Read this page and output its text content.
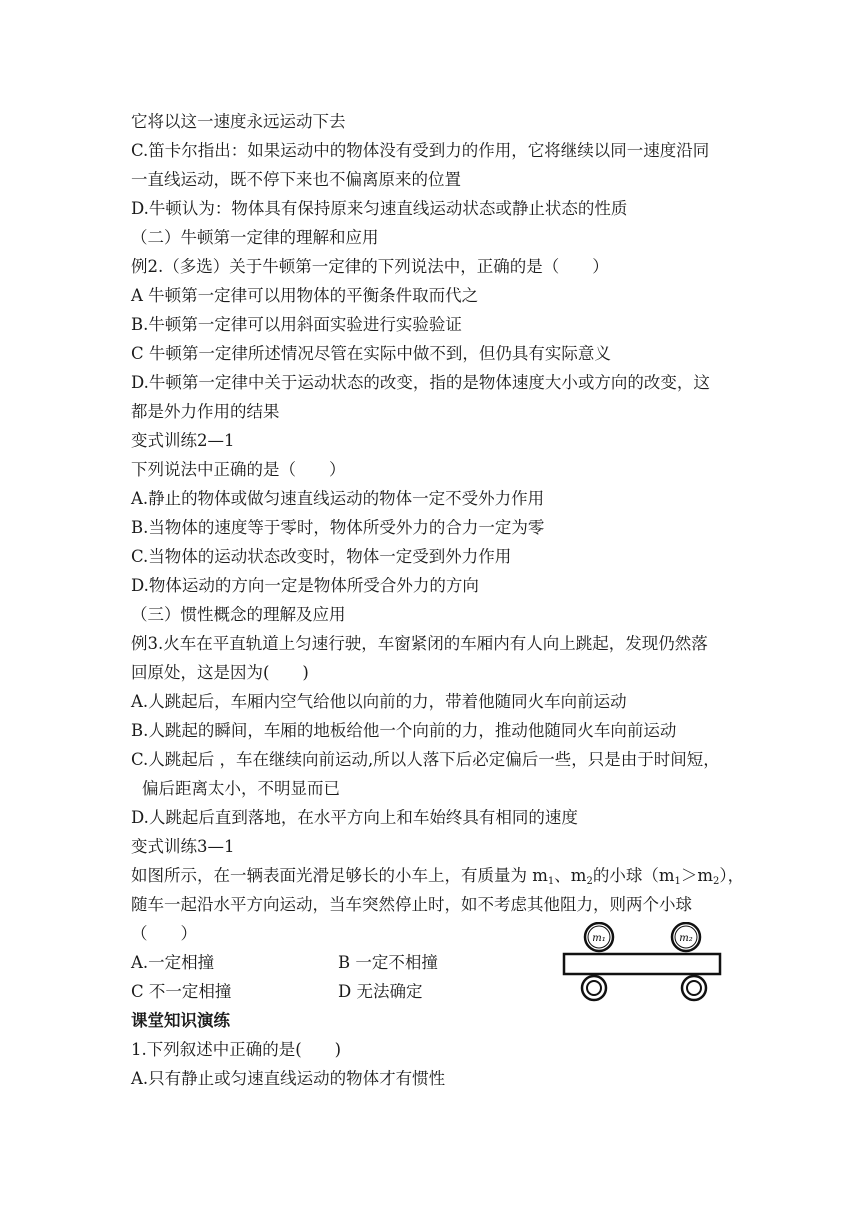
它将以这一速度永远运动下去
C.笛卡尔指出：如果运动中的物体没有受到力的作用，它将继续以同一速度沿同
一直线运动，既不停下来也不偏离原来的位置
D.牛顿认为：物体具有保持原来匀速直线运动状态或静止状态的性质
（二）牛顿第一定律的理解和应用
例2.（多选）关于牛顿第一定律的下列说法中，正确的是（　　）
A 牛顿第一定律可以用物体的平衡条件取而代之
B.牛顿第一定律可以用斜面实验进行实验验证
C 牛顿第一定律所述情况尽管在实际中做不到，但仍具有实际意义
D.牛顿第一定律中关于运动状态的改变，指的是物体速度大小或方向的改变，这
都是外力作用的结果
变式训练2—1
下列说法中正确的是（　　）
A.静止的物体或做匀速直线运动的物体一定不受外力作用
B.当物体的速度等于零时，物体所受外力的合力一定为零
C.当物体的运动状态改变时，物体一定受到外力作用
D.物体运动的方向一定是物体所受合外力的方向
（三）惯性概念的理解及应用
例3.火车在平直轨道上匀速行驶，车窗紧闭的车厢内有人向上跳起，发现仍然落
回原处，这是因为(　　)
A.人跳起后，车厢内空气给他以向前的力，带着他随同火车向前运动
B.人跳起的瞬间，车厢的地板给他一个向前的力，推动他随同火车向前运动
C.人跳起后 ，车在继续向前运动,所以人落下后必定偏后一些，只是由于时间短，
偏后距离太小，不明显而已
D.人跳起后直到落地，在水平方向上和车始终具有相同的速度
变式训练3—1
如图所示，在一辆表面光滑足够长的小车上，有质量为 $m_1$、$m_2$的小球$(m_1>m_2)$，
随车一起沿水平方向运动，当车突然停止时，如不考虑其他阻力，则两个小球
（　　）
A.一定相撞	B 一定不相撞
C 不一定相撞	D 无法确定
课堂知识演练
1.下列叙述中正确的是(　　)
A.只有静止或匀速直线运动的物体才有惯性
m₁	m₂
